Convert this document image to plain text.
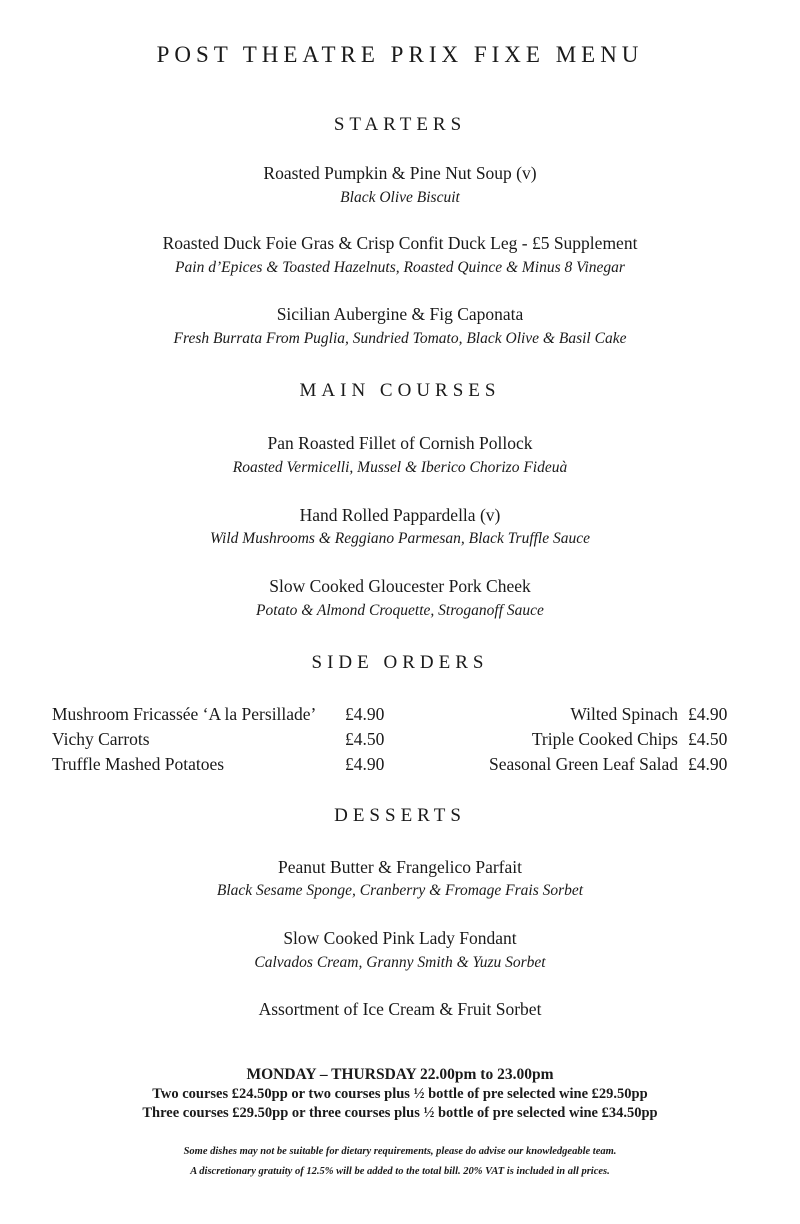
POST THEATRE PRIX FIXE MENU
STARTERS
Roasted Pumpkin & Pine Nut Soup (v)
Black Olive Biscuit
Roasted Duck Foie Gras & Crisp Confit Duck Leg - £5 Supplement
Pain d’Epices & Toasted Hazelnuts, Roasted Quince & Minus 8 Vinegar
Sicilian Aubergine & Fig Caponata
Fresh Burrata From Puglia, Sundried Tomato, Black Olive & Basil Cake
MAIN COURSES
Pan Roasted Fillet of Cornish Pollock
Roasted Vermicelli, Mussel & Iberico Chorizo Fideuà
Hand Rolled Pappardella (v)
Wild Mushrooms & Reggiano Parmesan, Black Truffle Sauce
Slow Cooked Gloucester Pork Cheek
Potato & Almond Croquette, Stroganoff Sauce
SIDE ORDERS
Mushroom Fricassée ‘A la Persillade’ £4.90
Vichy Carrots	£4.50
Truffle Mashed Potatoes	£4.90
Wilted Spinach £4.90
Triple Cooked Chips £4.50
Seasonal Green Leaf Salad £4.90
DESSERTS
Peanut Butter & Frangelico Parfait
Black Sesame Sponge, Cranberry & Fromage Frais Sorbet
Slow Cooked Pink Lady Fondant
Calvados Cream, Granny Smith & Yuzu Sorbet
Assortment of Ice Cream & Fruit Sorbet
MONDAY – THURSDAY 22.00pm to 23.00pm
Two courses £24.50pp or two courses plus ½ bottle of pre selected wine £29.50pp
Three courses £29.50pp or three courses plus ½ bottle of pre selected wine £34.50pp
Some dishes may not be suitable for dietary requirements, please do advise our knowledgeable team.
A discretionary gratuity of 12.5% will be added to the total bill. 20% VAT is included in all prices.
